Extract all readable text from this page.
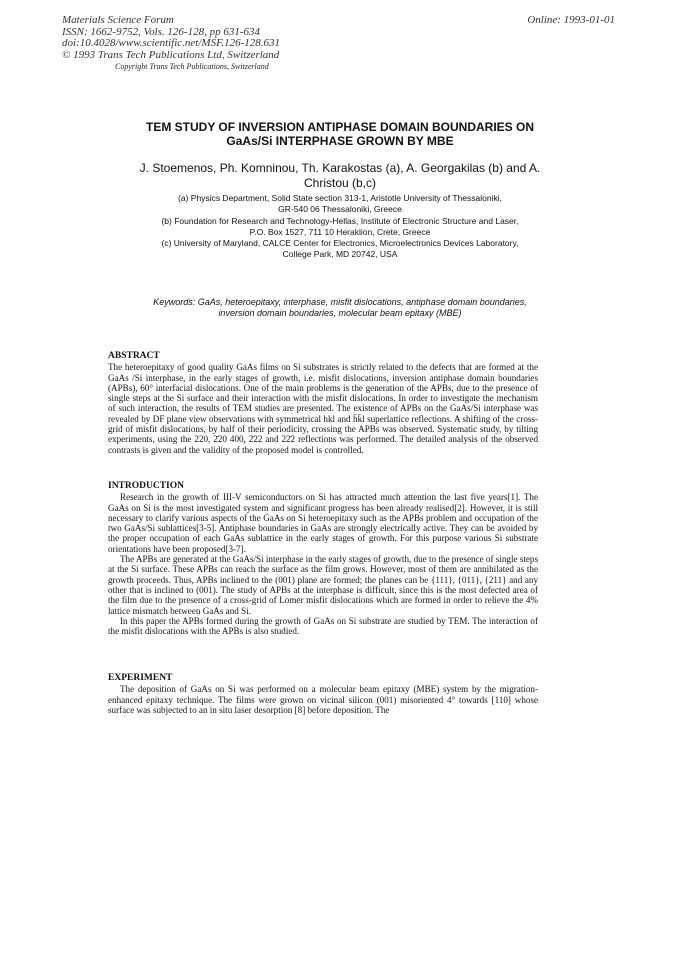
Materials Science Forum
ISSN: 1662-9752, Vols. 126-128, pp 631-634
doi:10.4028/www.scientific.net/MSF.126-128.631
© 1993 Trans Tech Publications Ltd, Switzerland
Copyright Trans Tech Publications, Switzerland
Online: 1993-01-01
TEM STUDY OF INVERSION ANTIPHASE DOMAIN BOUNDARIES ON
GaAs/Si INTERPHASE GROWN BY MBE
J. Stoemenos, Ph. Komninou, Th. Karakostas (a), A. Georgakilas (b) and A.
Christou (b,c)

(a) Physics Department, Solid State section 313-1, Aristotle University of Thessaloniki,

GR-540 06 Thessaloniki, Greece

(b) Foundation for Research and Technology-Hellas, Institute of Electronic Structure and Laser,

P.O. Box 1527, 711 10 Heraklion, Crete, Greece

(c) University of Maryland, CALCE Center for Electronics, Microelectronics Devices Laboratory,

College Park, MD 20742, USA

Keywords: GaAs, heteroepitaxy, interphase, misfit dislocations, antiphase domain boundaries,
inversion domain boundaries, molecular beam epitaxy (MBE)
ABSTRACT

The heteroepitaxy of good quality GaAs films on Si substrates is strictly related to the defects that are formed at the GaAs /Si interphase, in the early stages of growth, i.e. misfit dislocations, inversion antiphase domain boundaries (APBs), 60° interfacial dislocations. One of the main problems is the generation of the APBs, due to the presence of single steps at the Si surface and their interaction with the misfit dislocations. In order to investigate the mechanism of such interaction, the results of TEM studies are presented. The existence of APBs on the GaAs/Si interphase was revealed by DF plane view observations with symmetrical hkl and h̄k̄l superlattice reflections. A shifting of the cross-grid of misfit dislocations, by half of their periodicity, crossing the APBs was observed. Systematic study, by tilting experiments, using the 220, 2̄20 400, 2̄22 and 22̄2 reflections was performed. The detailed analysis of the observed contrasts is given and the validity of the proposed model is controlled.

INTRODUCTION

Research in the growth of III-V semiconductors on Si has attracted much attention the last five years[1]. The GaAs on Si is the most investigated system and significant progress has been already realised[2]. However, it is still necessary to clarify various aspects of the GaAs on Si heteroepitaxy such as the APBs problem and occupation of the two GaAs/Si sublattices[3-5]. Antiphase boundaries in GaAs are strongly electrically active. They can be avoided by the proper occupation of each GaAs sublattice in the early stages of growth. For this purpose various Si substrate orientations have been proposed[3-7].

The APBs are generated at the GaAs/Si interphase in the early stages of growth, due to the presence of single steps at the Si surface. These APBs can reach the surface as the film grows. However, most of them are annihilated as the growth proceeds. Thus, APBs inclined to the (001) plane are formed; the planes can be {111}, {011}, {211} and any other that is inclined to (001). The study of APBs at the interphase is difficult, since this is the most defected area of the film due to the presence of a cross-grid of Lomer misfit dislocations which are formed in order to relieve the 4% lattice mismatch between GaAs and Si.

In this paper the APBs formed during the growth of GaAs on Si substrate are studied by TEM. The interaction of the misfit dislocations with the APBs is also studied.

EXPERIMENT

The deposition of GaAs on Si was performed on a molecular beam epitaxy (MBE) system by the migration-enhanced epitaxy technique. The films were grown on vicinal silicon (001) misoriented 4° towards [110] whose surface was subjected to an in situ laser desorption [8] before deposition. The
